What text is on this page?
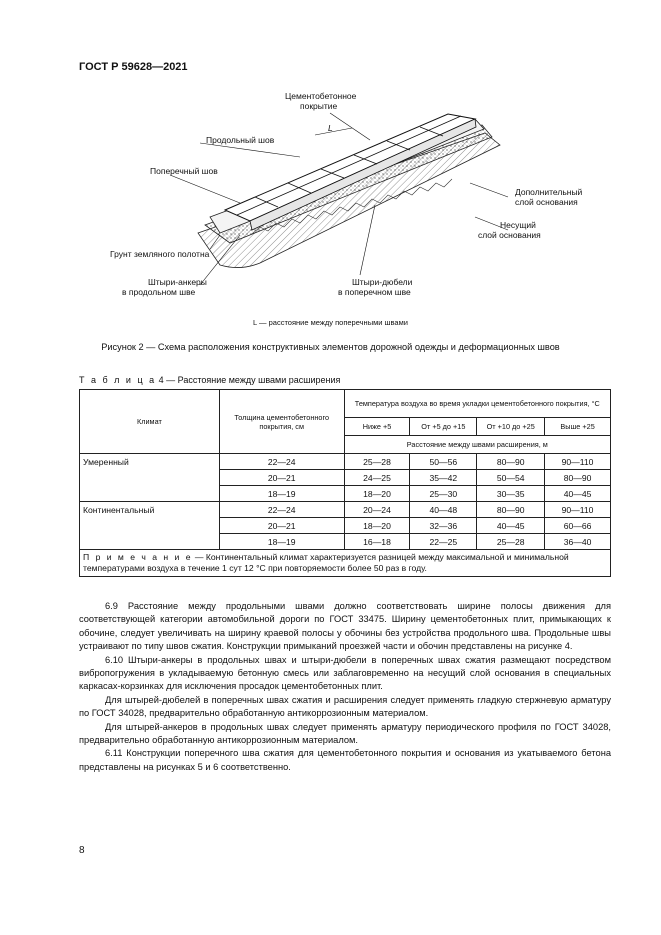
ГОСТ Р 59628—2021
L
Цементобетонное
покрытие
Продольный шов
Поперечный шов
Дополнительный
слой основания
Несущий
слой основания
Грунт земляного полотна
Штыри-анкеры
в продольном шве
Штыри-дюбели
в поперечном шве
L — расстояние между поперечными швами
Рисунок 2 — Схема расположения конструктивных элементов дорожной одежды и деформационных швов
Т а б л и ц а 4 — Расстояние между швами расширения
Климат	Толщина цементобетонного покрытия, см	Температура воздуха во время укладки цементобетонного покрытия, °С			
		Ниже +5	От +5 до +15	От +10 до +25	Выше +25
		Расстояние между швами расширения, м			
Умеренный	22—24	25—28	50—56	80—90	90—110
	20—21	24—25	35—42	50—54	80—90
	18—19	18—20	25—30	30—35	40—45
Континентальный	22—24	20—24	40—48	80—90	90—110
	20—21	18—20	32—36	40—45	60—66
	18—19	16—18	22—25	25—28	36—40
П р и м е ч а н и е — Континентальный климат характеризуется разницей между максимальной и минимальной температурами воздуха в течение 1 сут 12 °С при повторяемости более 50 раз в году.					

6.9 Расстояние между продольными швами должно соответствовать ширине полосы движения для соответствующей категории автомобильной дороги по ГОСТ 33475. Ширину цементобетонных плит, примыкающих к обочине, следует увеличивать на ширину краевой полосы у обочины без устройства продольного шва. Продольные швы устраивают по типу швов сжатия. Конструкции примыканий проезжей части и обочин представлены на рисунке 4.

6.10 Штыри-анкеры в продольных швах и штыри-дюбели в поперечных швах сжатия размещают посредством вибропогружения в укладываемую бетонную смесь или заблаговременно на несущий слой основания в специальных каркасах-корзинках для исключения просадок цементобетонных плит.

Для штырей-дюбелей в поперечных швах сжатия и расширения следует применять гладкую стержневую арматуру по ГОСТ 34028, предварительно обработанную антикоррозионным материалом.

Для штырей-анкеров в продольных швах следует применять арматуру периодического профиля по ГОСТ 34028, предварительно обработанную антикоррозионным материалом.

6.11 Конструкции поперечного шва сжатия для цементобетонного покрытия и основания из укатываемого бетона представлены на рисунках 5 и 6 соответственно.

8
